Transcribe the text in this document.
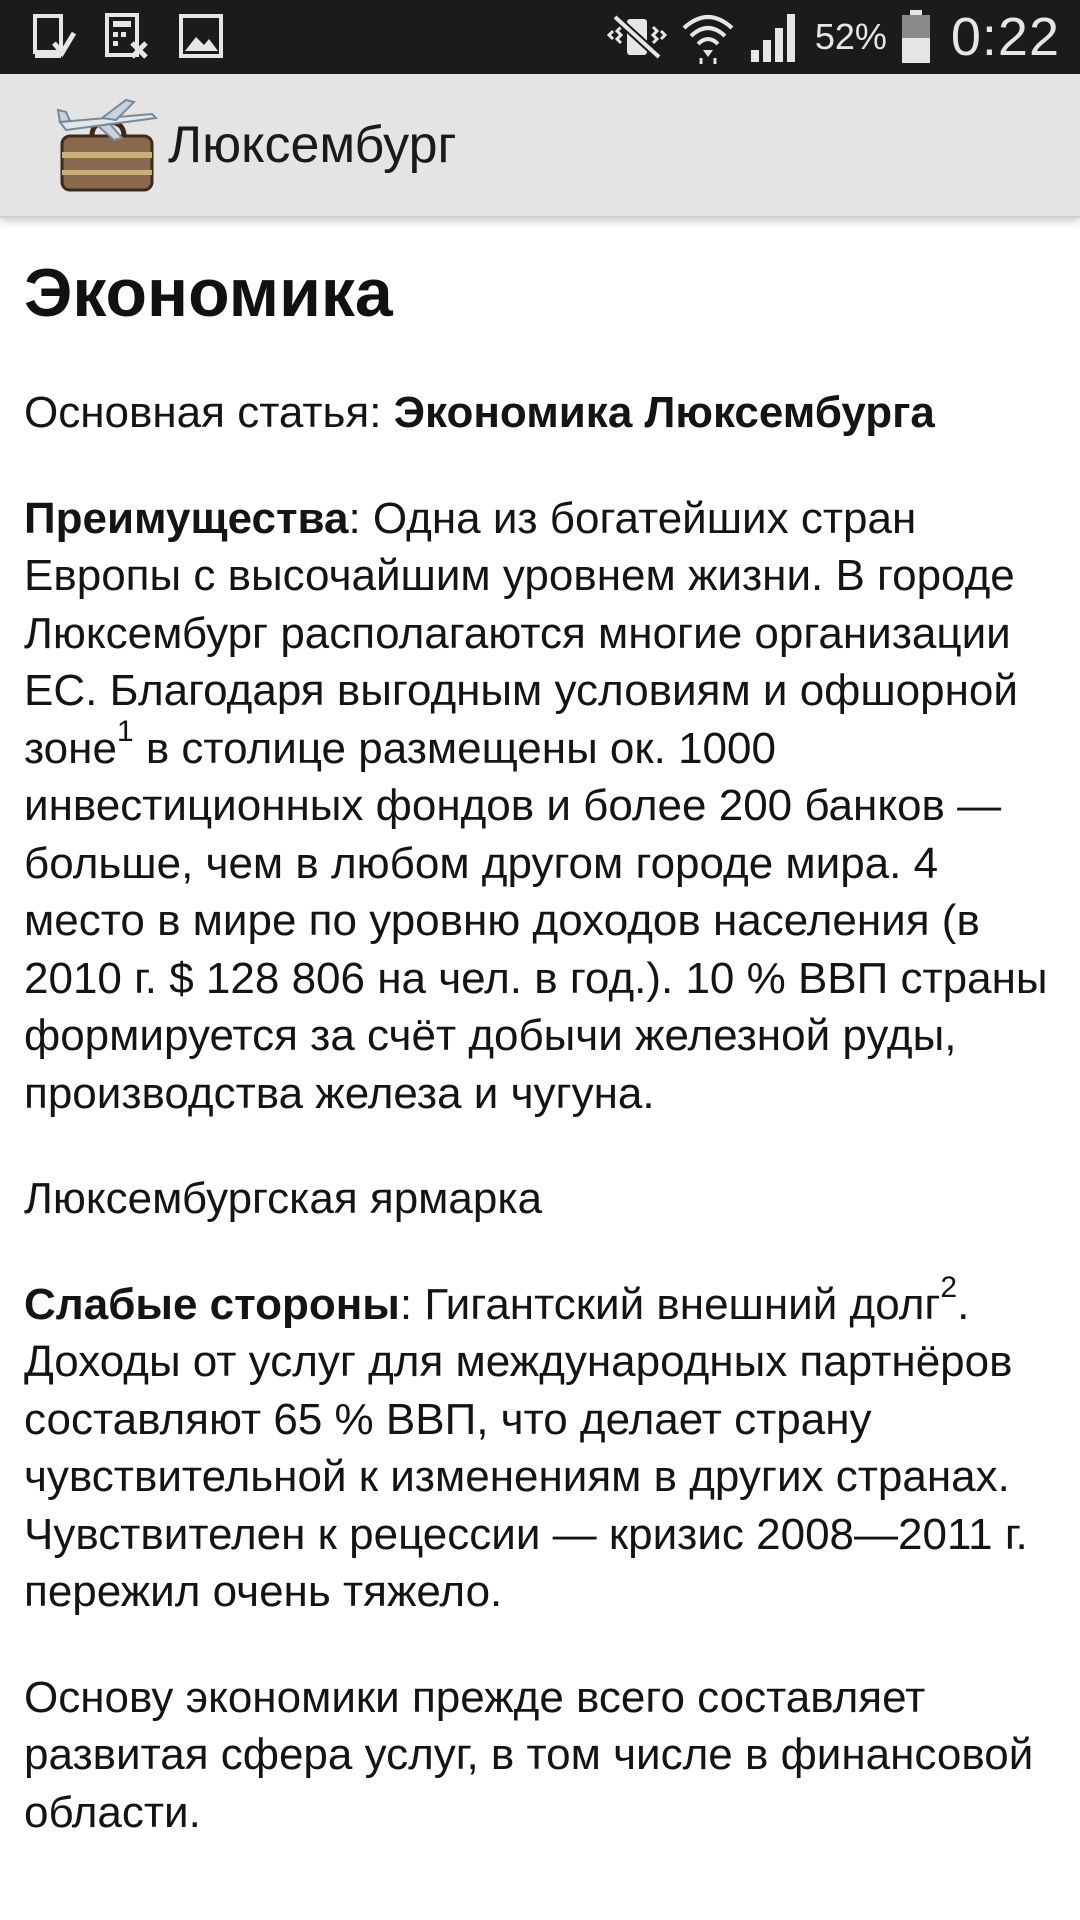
52% 0:22
Люксембург
Экономика

Основная статья: Экономика Люксембурга

Преимущества: Одна из богатейших стран Европы с высочайшим уровнем жизни. В городе Люксембург располагаются многие организации ЕС. Благодаря выгодным условиям и офшорной зоне$^1$ в столице размещены ок. 1000 инвестиционных фондов и более 200 банков — больше, чем в любом другом городе мира. 4 место в мире по уровню доходов населения (в 2010 г. $ 128 806 на чел. в год.). 10 % ВВП страны формируется за счёт добычи железной руды, производства железа и чугуна.

Люксембургская ярмарка

Слабые стороны: Гигантский внешний долг$^2$. Доходы от услуг для международных партнёров составляют 65 % ВВП, что делает страну чувствительной к изменениям в других странах. Чувствителен к рецессии — кризис 2008—2011 г. пережил очень тяжело.

Основу экономики прежде всего составляет развитая сфера услуг, в том числе в финансовой области.
